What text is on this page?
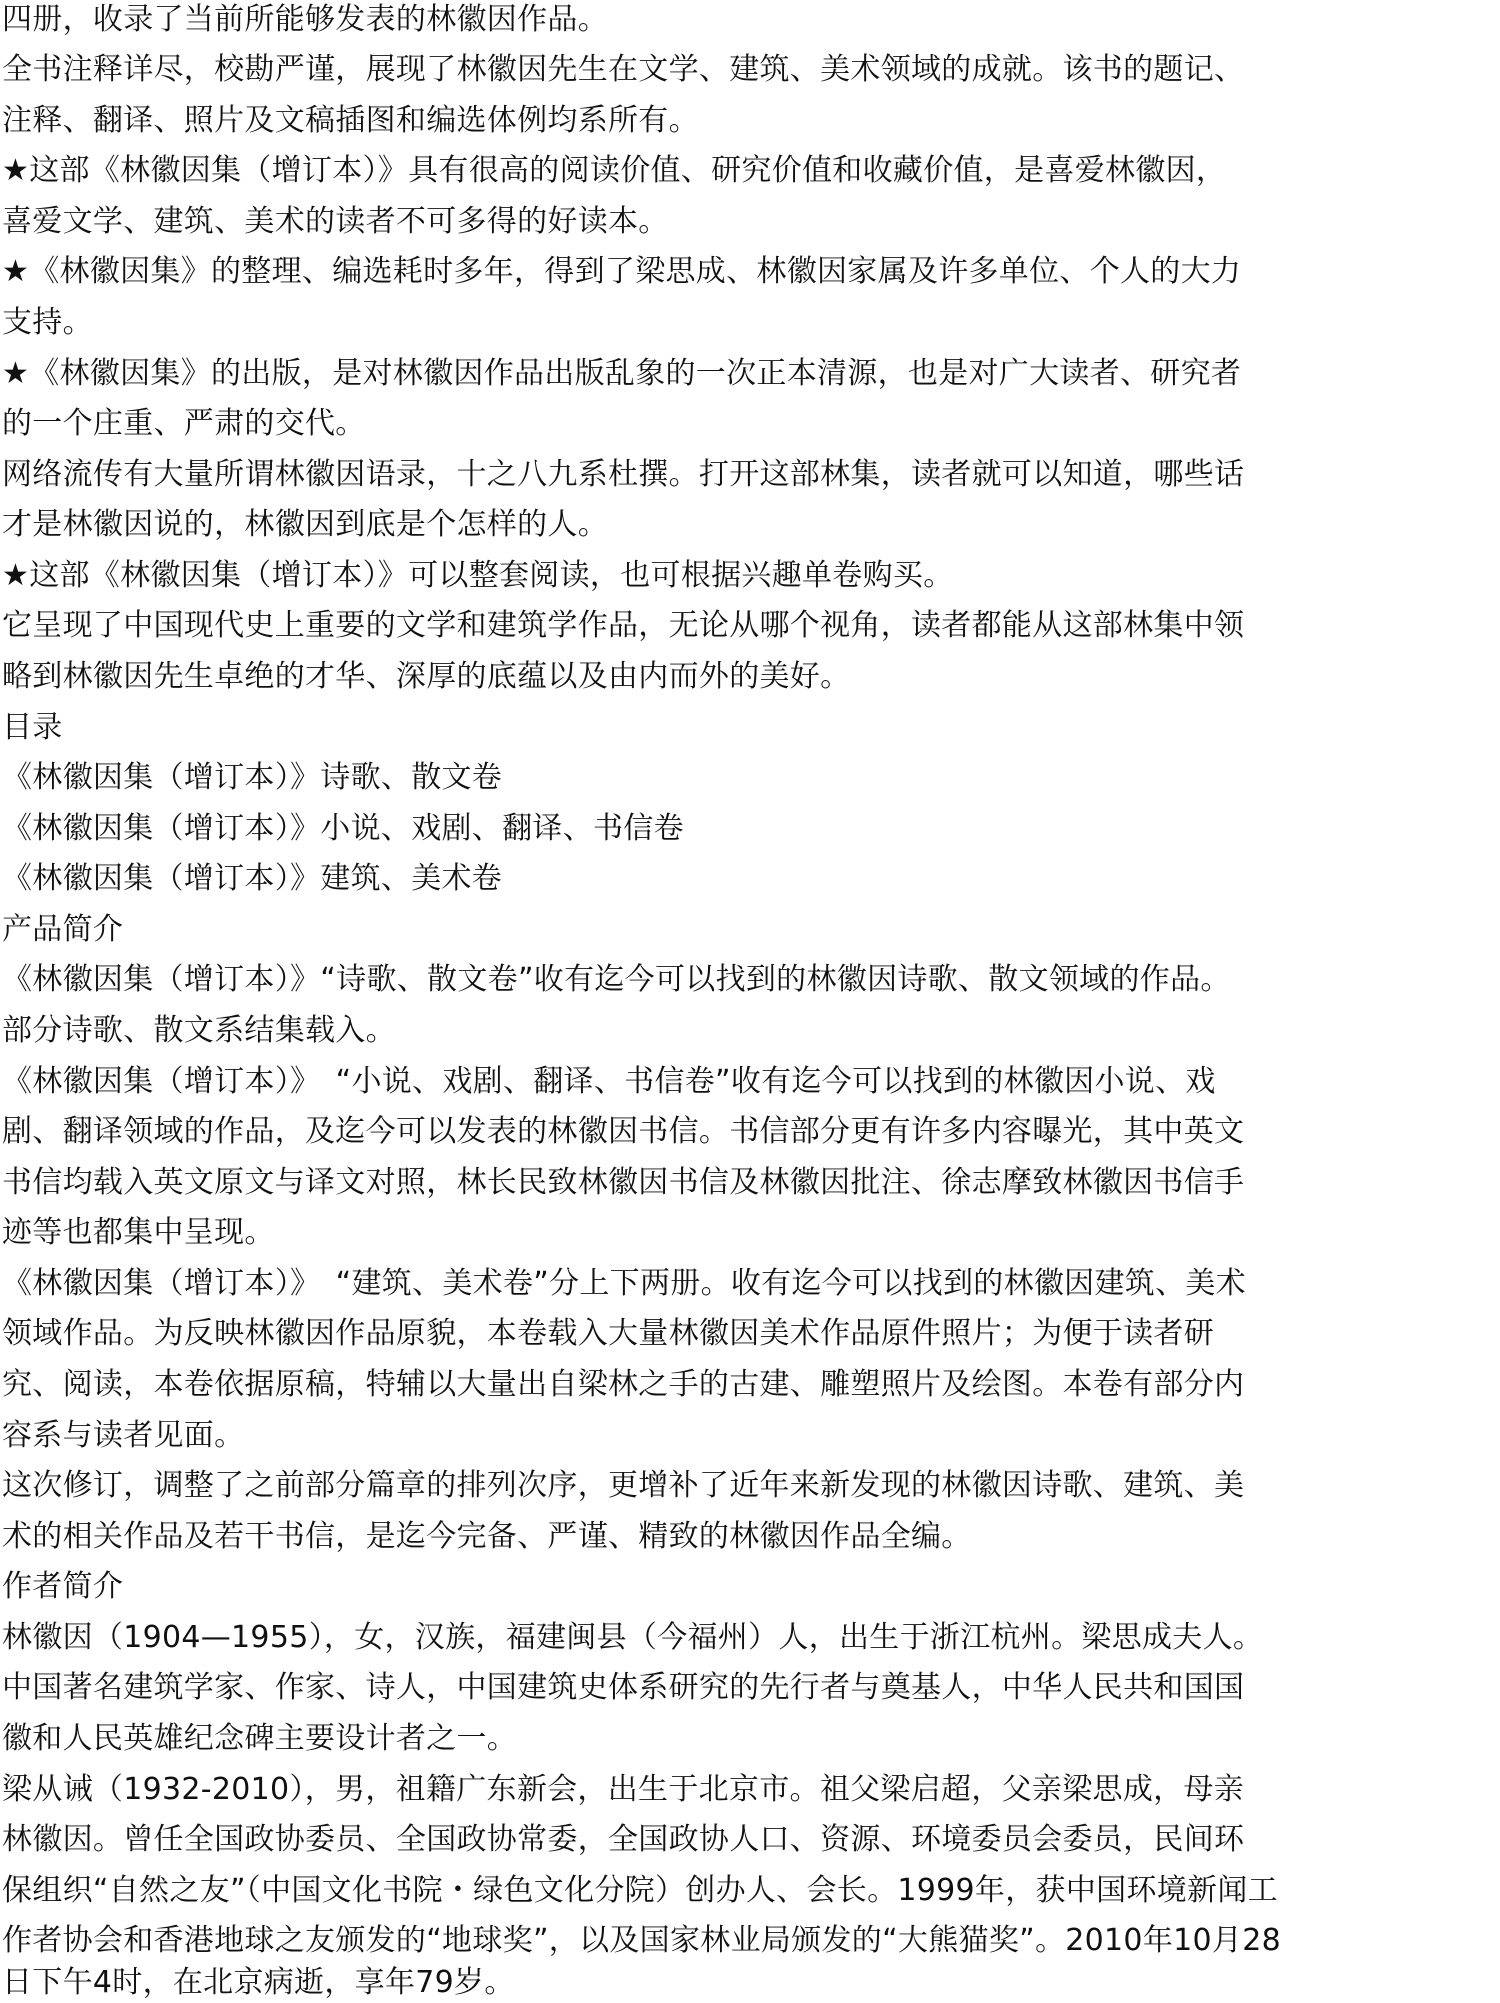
四册，收录了当前所能够发表的林徽因作品。

全书注释详尽，校勘严谨，展现了林徽因先生在文学、建筑、美术领域的成就。该书的题记、

注释、翻译、照片及文稿插图和编选体例均系所有。

★这部《林徽因集（增订本）》具有很高的阅读价值、研究价值和收藏价值，是喜爱林徽因，

喜爱文学、建筑、美术的读者不可多得的好读本。

★《林徽因集》的整理、编选耗时多年，得到了梁思成、林徽因家属及许多单位、个人的大力

支持。

★《林徽因集》的出版，是对林徽因作品出版乱象的一次正本清源，也是对广大读者、研究者

的一个庄重、严肃的交代。

网络流传有大量所谓林徽因语录，十之八九系杜撰。打开这部林集，读者就可以知道，哪些话

才是林徽因说的，林徽因到底是个怎样的人。

★这部《林徽因集（增订本）》可以整套阅读，也可根据兴趣单卷购买。

它呈现了中国现代史上重要的文学和建筑学作品，无论从哪个视角，读者都能从这部林集中领

略到林徽因先生卓绝的才华、深厚的底蕴以及由内而外的美好。

目录

《林徽因集（增订本）》诗歌、散文卷

《林徽因集（增订本）》小说、戏剧、翻译、书信卷

《林徽因集（增订本）》建筑、美术卷

产品简介

《林徽因集（增订本）》“诗歌、散文卷”收有迄今可以找到的林徽因诗歌、散文领域的作品。

部分诗歌、散文系结集载入。

《林徽因集（增订本）》　“小说、戏剧、翻译、书信卷”收有迄今可以找到的林徽因小说、戏

剧、翻译领域的作品，及迄今可以发表的林徽因书信。书信部分更有许多内容曝光，其中英文

书信均载入英文原文与译文对照，林长民致林徽因书信及林徽因批注、徐志摩致林徽因书信手

迹等也都集中呈现。

《林徽因集（增订本）》　“建筑、美术卷”分上下两册。收有迄今可以找到的林徽因建筑、美术

领域作品。为反映林徽因作品原貌，本卷载入大量林徽因美术作品原件照片；为便于读者研

究、阅读，本卷依据原稿，特辅以大量出自梁林之手的古建、雕塑照片及绘图。本卷有部分内

容系与读者见面。

这次修订，调整了之前部分篇章的排列次序，更增补了近年来新发现的林徽因诗歌、建筑、美

术的相关作品及若干书信，是迄今完备、严谨、精致的林徽因作品全编。

作者简介

林徽因（1904—1955），女，汉族，福建闽县（今福州）人，出生于浙江杭州。梁思成夫人。

中国著名建筑学家、作家、诗人，中国建筑史体系研究的先行者与奠基人，中华人民共和国国

徽和人民英雄纪念碑主要设计者之一。

梁从诫（1932-2010），男，祖籍广东新会，出生于北京市。祖父梁启超，父亲梁思成，母亲

林徽因。曾任全国政协委员、全国政协常委，全国政协人口、资源、环境委员会委员，民间环

保组织“自然之友”（中国文化书院・绿色文化分院）创办人、会长。1999年，获中国环境新闻工

作者协会和香港地球之友颁发的“地球奖”，以及国家林业局颁发的“大熊猫奖”。2010年10月28

日下午4时，在北京病逝，享年79岁。
